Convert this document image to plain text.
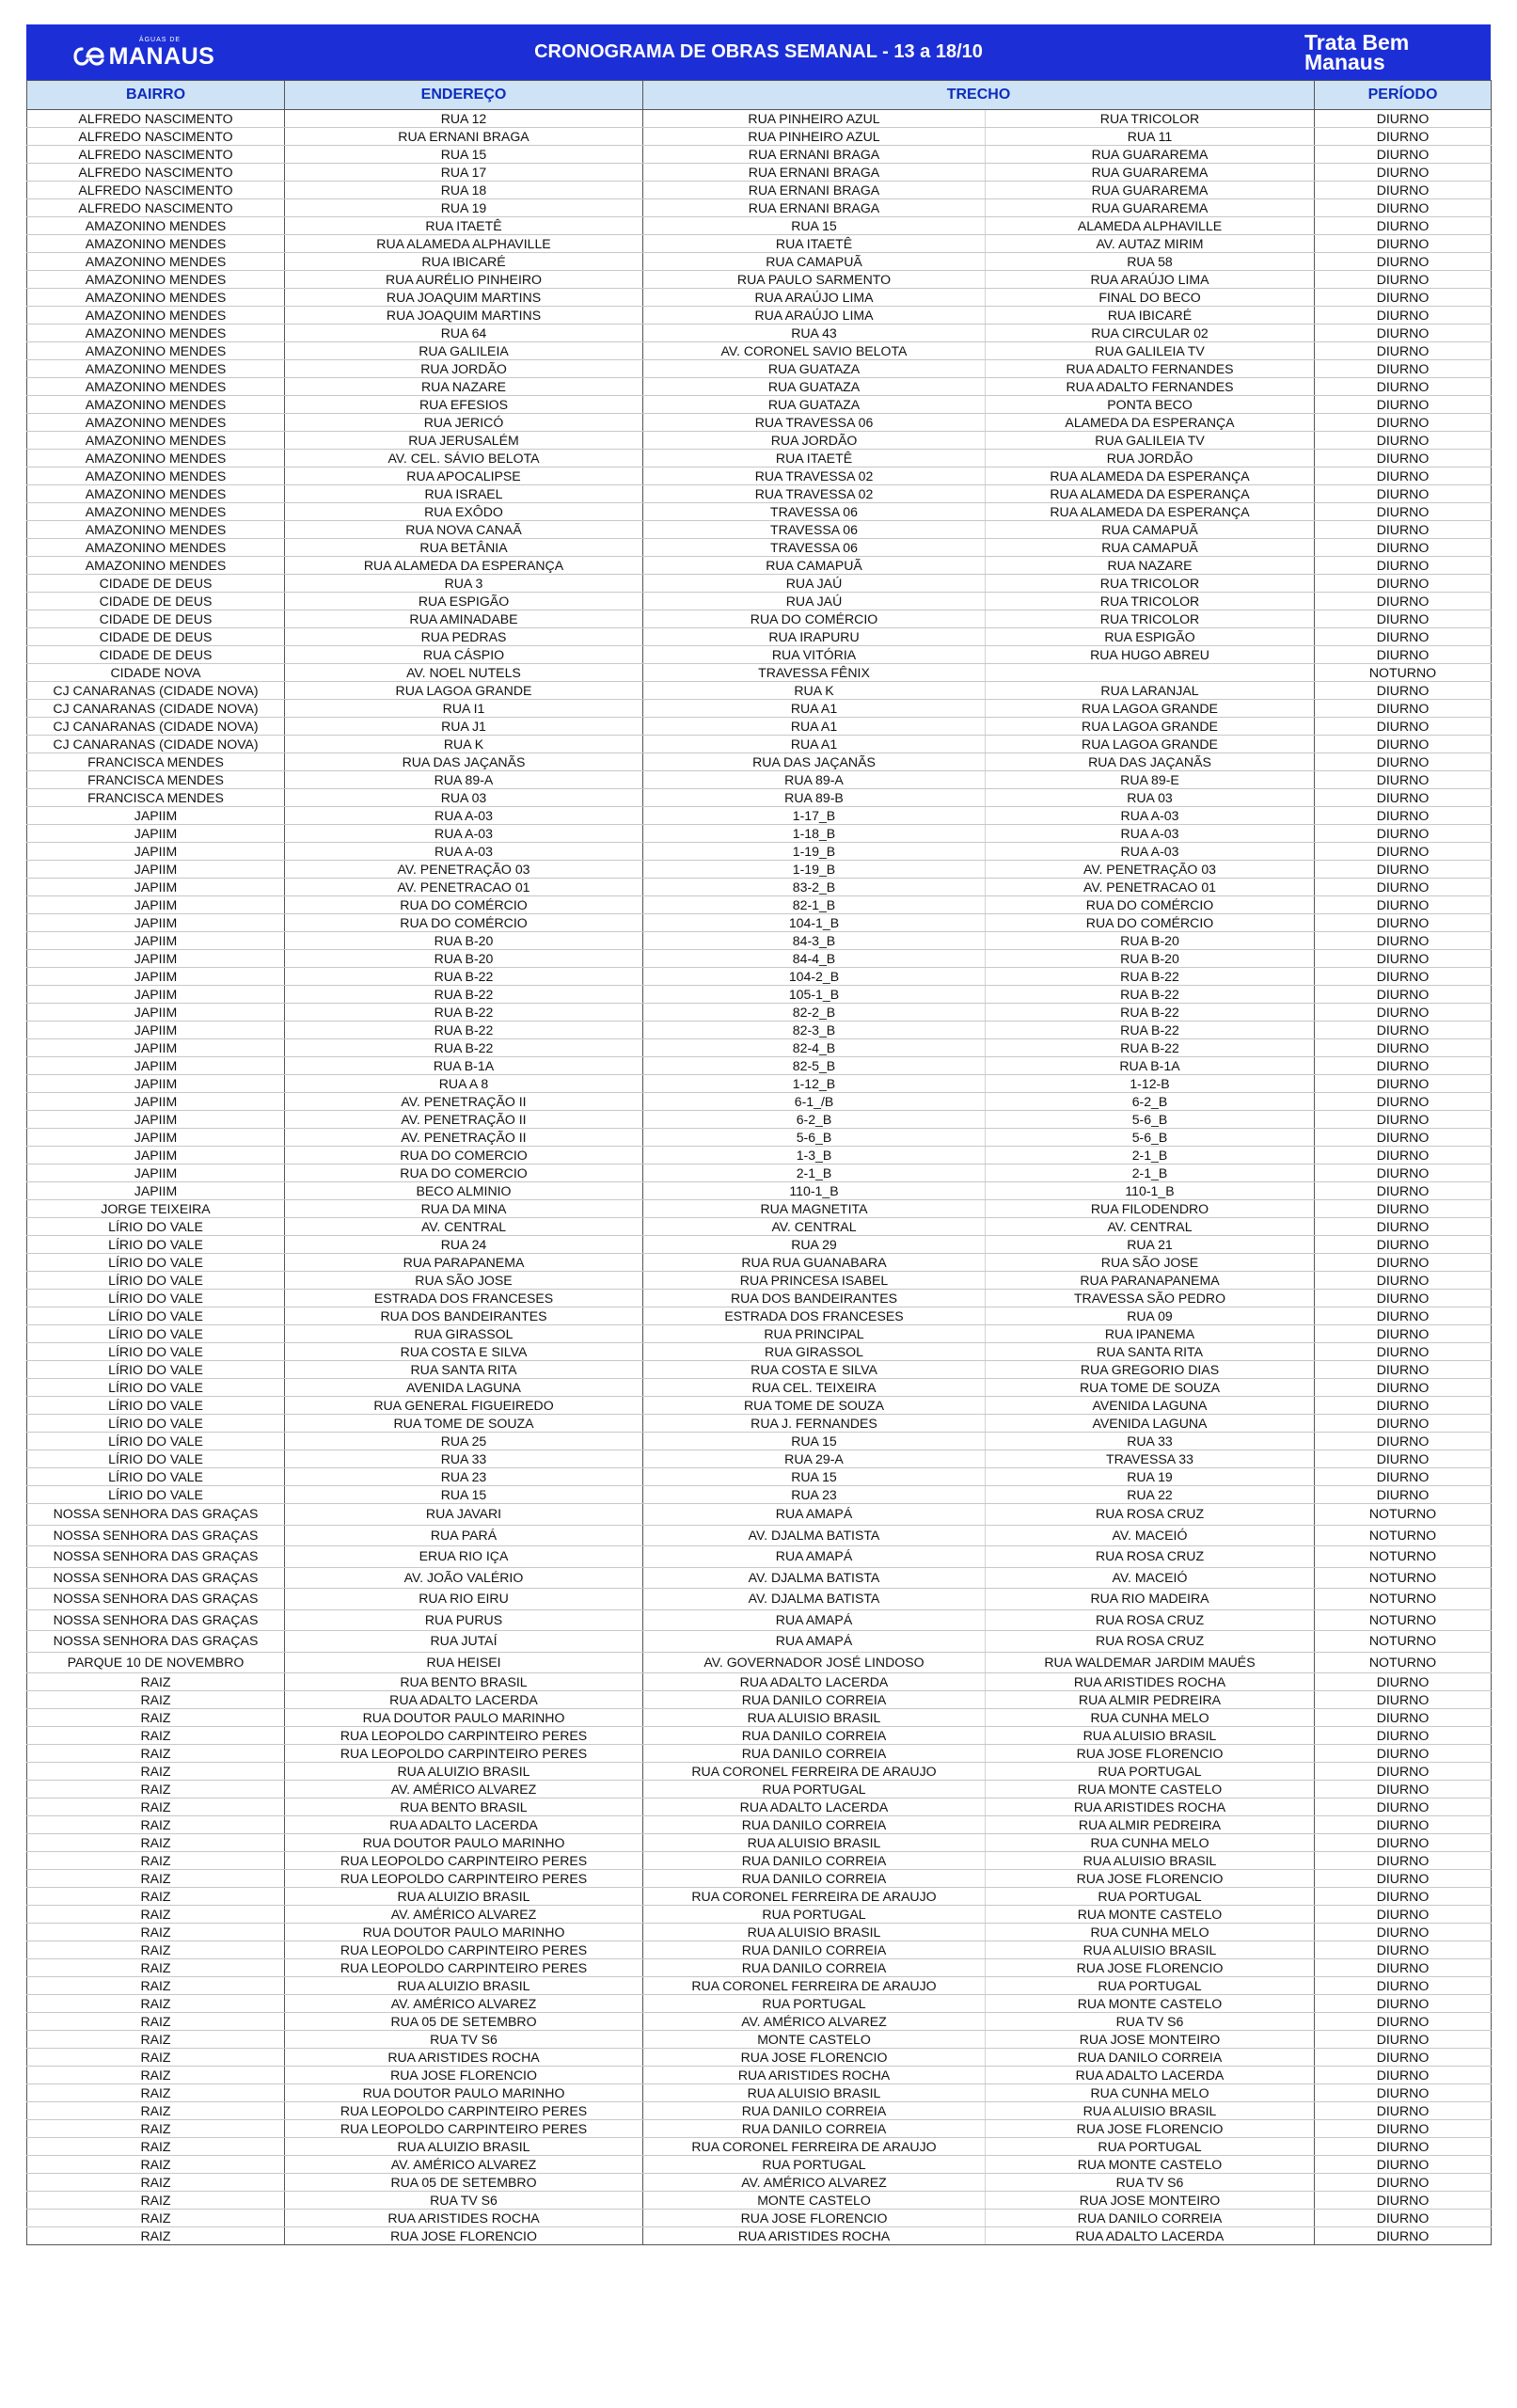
ÁGUAS DE
MANAUS	CRONOGRAMA DE OBRAS SEMANAL - 13 a 18/10	Trata Bem
Manaus
BAIRRO	ENDEREÇO	TRECHO		PERÍODO
ALFREDO NASCIMENTO	RUA 12	RUA PINHEIRO AZUL	RUA TRICOLOR	DIURNO
ALFREDO NASCIMENTO	RUA ERNANI BRAGA	RUA PINHEIRO AZUL	RUA 11	DIURNO
ALFREDO NASCIMENTO	RUA 15	RUA ERNANI BRAGA	RUA GUARAREMA	DIURNO
ALFREDO NASCIMENTO	RUA 17	RUA ERNANI BRAGA	RUA GUARAREMA	DIURNO
ALFREDO NASCIMENTO	RUA 18	RUA ERNANI BRAGA	RUA GUARAREMA	DIURNO
ALFREDO NASCIMENTO	RUA 19	RUA ERNANI BRAGA	RUA GUARAREMA	DIURNO
AMAZONINO MENDES	RUA ITAETÊ	RUA 15	ALAMEDA ALPHAVILLE	DIURNO
AMAZONINO MENDES	RUA ALAMEDA ALPHAVILLE	RUA ITAETÊ	AV. AUTAZ MIRIM	DIURNO
AMAZONINO MENDES	RUA IBICARÉ	RUA CAMAPUÃ	RUA 58	DIURNO
AMAZONINO MENDES	RUA AURÉLIO PINHEIRO	RUA PAULO SARMENTO	RUA ARAÚJO LIMA	DIURNO
AMAZONINO MENDES	RUA JOAQUIM MARTINS	RUA ARAÚJO LIMA	FINAL DO BECO	DIURNO
AMAZONINO MENDES	RUA JOAQUIM MARTINS	RUA ARAÚJO LIMA	RUA IBICARÉ	DIURNO
AMAZONINO MENDES	RUA 64	RUA 43	RUA CIRCULAR 02	DIURNO
AMAZONINO MENDES	RUA GALILEIA	AV. CORONEL SAVIO BELOTA	RUA GALILEIA TV	DIURNO
AMAZONINO MENDES	RUA JORDÃO	RUA GUATAZA	RUA ADALTO FERNANDES	DIURNO
AMAZONINO MENDES	RUA NAZARE	RUA GUATAZA	RUA ADALTO FERNANDES	DIURNO
AMAZONINO MENDES	RUA EFESIOS	RUA GUATAZA	PONTA BECO	DIURNO
AMAZONINO MENDES	RUA JERICÓ	RUA TRAVESSA 06	ALAMEDA DA ESPERANÇA	DIURNO
AMAZONINO MENDES	RUA JERUSALÉM	RUA JORDÃO	RUA GALILEIA TV	DIURNO
AMAZONINO MENDES	AV. CEL. SÁVIO BELOTA	RUA ITAETÊ	RUA JORDÃO	DIURNO
AMAZONINO MENDES	RUA APOCALIPSE	RUA TRAVESSA 02	RUA ALAMEDA DA ESPERANÇA	DIURNO
AMAZONINO MENDES	RUA ISRAEL	RUA TRAVESSA 02	RUA ALAMEDA DA ESPERANÇA	DIURNO
AMAZONINO MENDES	RUA EXÔDO	TRAVESSA 06	RUA ALAMEDA DA ESPERANÇA	DIURNO
AMAZONINO MENDES	RUA NOVA CANAÃ	TRAVESSA 06	RUA CAMAPUÃ	DIURNO
AMAZONINO MENDES	RUA BETÂNIA	TRAVESSA 06	RUA CAMAPUÃ	DIURNO
AMAZONINO MENDES	RUA ALAMEDA DA ESPERANÇA	RUA CAMAPUÃ	RUA NAZARE	DIURNO
CIDADE DE DEUS	RUA 3	RUA JAÚ	RUA TRICOLOR	DIURNO
CIDADE DE DEUS	RUA ESPIGÃO	RUA JAÚ	RUA TRICOLOR	DIURNO
CIDADE DE DEUS	RUA AMINADABE	RUA DO COMÉRCIO	RUA TRICOLOR	DIURNO
CIDADE DE DEUS	RUA PEDRAS	RUA IRAPURU	RUA ESPIGÃO	DIURNO
CIDADE DE DEUS	RUA CÁSPIO	RUA VITÓRIA	RUA HUGO ABREU	DIURNO
CIDADE NOVA	AV. NOEL NUTELS	TRAVESSA FÊNIX		NOTURNO
CJ CANARANAS (CIDADE NOVA)	RUA LAGOA GRANDE	RUA K	RUA LARANJAL	DIURNO
CJ CANARANAS (CIDADE NOVA)	RUA I1	RUA A1	RUA LAGOA GRANDE	DIURNO
CJ CANARANAS (CIDADE NOVA)	RUA J1	RUA A1	RUA LAGOA GRANDE	DIURNO
CJ CANARANAS (CIDADE NOVA)	RUA K	RUA A1	RUA LAGOA GRANDE	DIURNO
FRANCISCA MENDES	RUA DAS JAÇANÃS	RUA DAS JAÇANÃS	RUA DAS JAÇANÃS	DIURNO
FRANCISCA MENDES	RUA 89-A	RUA 89-A	RUA 89-E	DIURNO
FRANCISCA MENDES	RUA 03	RUA 89-B	RUA 03	DIURNO
JAPIIM	RUA A-03	1-17_B	RUA A-03	DIURNO
JAPIIM	RUA A-03	1-18_B	RUA A-03	DIURNO
JAPIIM	RUA A-03	1-19_B	RUA A-03	DIURNO
JAPIIM	AV. PENETRAÇÃO 03	1-19_B	AV. PENETRAÇÃO 03	DIURNO
JAPIIM	AV. PENETRACAO 01	83-2_B	AV. PENETRACAO 01	DIURNO
JAPIIM	RUA DO COMÉRCIO	82-1_B	RUA DO COMÉRCIO	DIURNO
JAPIIM	RUA DO COMÉRCIO	104-1_B	RUA DO COMÉRCIO	DIURNO
JAPIIM	RUA B-20	84-3_B	RUA B-20	DIURNO
JAPIIM	RUA B-20	84-4_B	RUA B-20	DIURNO
JAPIIM	RUA B-22	104-2_B	RUA B-22	DIURNO
JAPIIM	RUA B-22	105-1_B	RUA B-22	DIURNO
JAPIIM	RUA B-22	82-2_B	RUA B-22	DIURNO
JAPIIM	RUA B-22	82-3_B	RUA B-22	DIURNO
JAPIIM	RUA B-22	82-4_B	RUA B-22	DIURNO
JAPIIM	RUA B-1A	82-5_B	RUA B-1A	DIURNO
JAPIIM	RUA A 8	1-12_B	1-12-B	DIURNO
JAPIIM	AV. PENETRAÇÃO II	6-1_/B	6-2_B	DIURNO
JAPIIM	AV. PENETRAÇÃO II	6-2_B	5-6_B	DIURNO
JAPIIM	AV. PENETRAÇÃO II	5-6_B	5-6_B	DIURNO
JAPIIM	RUA DO COMERCIO	1-3_B	2-1_B	DIURNO
JAPIIM	RUA DO COMERCIO	2-1_B	2-1_B	DIURNO
JAPIIM	BECO ALMINIO	110-1_B	110-1_B	DIURNO
JORGE TEIXEIRA	RUA DA MINA	RUA MAGNETITA	RUA FILODENDRO	DIURNO
LÍRIO DO VALE	AV. CENTRAL	AV. CENTRAL	AV. CENTRAL	DIURNO
LÍRIO DO VALE	RUA 24	RUA 29	RUA 21	DIURNO
LÍRIO DO VALE	RUA PARAPANEMA	RUA RUA GUANABARA	RUA SÃO JOSE	DIURNO
LÍRIO DO VALE	RUA SÃO JOSE	RUA PRINCESA ISABEL	RUA PARANAPANEMA	DIURNO
LÍRIO DO VALE	ESTRADA DOS FRANCESES	RUA DOS BANDEIRANTES	TRAVESSA SÃO PEDRO	DIURNO
LÍRIO DO VALE	RUA DOS BANDEIRANTES	ESTRADA DOS FRANCESES	RUA 09	DIURNO
LÍRIO DO VALE	RUA GIRASSOL	RUA PRINCIPAL	RUA IPANEMA	DIURNO
LÍRIO DO VALE	RUA COSTA E SILVA	RUA GIRASSOL	RUA SANTA RITA	DIURNO
LÍRIO DO VALE	RUA SANTA RITA	RUA COSTA E SILVA	RUA GREGORIO DIAS	DIURNO
LÍRIO DO VALE	AVENIDA LAGUNA	RUA CEL. TEIXEIRA	RUA TOME DE SOUZA	DIURNO
LÍRIO DO VALE	RUA GENERAL FIGUEIREDO	RUA TOME DE SOUZA	AVENIDA LAGUNA	DIURNO
LÍRIO DO VALE	RUA TOME DE SOUZA	RUA J. FERNANDES	AVENIDA LAGUNA	DIURNO
LÍRIO DO VALE	RUA 25	RUA 15	RUA 33	DIURNO
LÍRIO DO VALE	RUA 33	RUA 29-A	TRAVESSA 33	DIURNO
LÍRIO DO VALE	RUA 23	RUA 15	RUA 19	DIURNO
LÍRIO DO VALE	RUA 15	RUA 23	RUA 22	DIURNO
NOSSA SENHORA DAS GRAÇAS	RUA JAVARI	RUA AMAPÁ	RUA ROSA CRUZ	NOTURNO
NOSSA SENHORA DAS GRAÇAS	RUA PARÁ	AV. DJALMA BATISTA	AV. MACEIÓ	NOTURNO
NOSSA SENHORA DAS GRAÇAS	ERUA RIO IÇA	RUA AMAPÁ	RUA ROSA CRUZ	NOTURNO
NOSSA SENHORA DAS GRAÇAS	AV. JOÃO VALÉRIO	AV. DJALMA BATISTA	AV. MACEIÓ	NOTURNO
NOSSA SENHORA DAS GRAÇAS	RUA RIO EIRU	AV. DJALMA BATISTA	RUA RIO MADEIRA	NOTURNO
NOSSA SENHORA DAS GRAÇAS	RUA PURUS	RUA AMAPÁ	RUA ROSA CRUZ	NOTURNO
NOSSA SENHORA DAS GRAÇAS	RUA JUTAÍ	RUA AMAPÁ	RUA ROSA CRUZ	NOTURNO
PARQUE 10 DE NOVEMBRO	RUA HEISEI	AV. GOVERNADOR JOSÉ LINDOSO	RUA WALDEMAR JARDIM MAUÉS	NOTURNO
RAIZ	RUA BENTO BRASIL	RUA ADALTO LACERDA	RUA ARISTIDES ROCHA	DIURNO
RAIZ	RUA ADALTO LACERDA	RUA DANILO CORREIA	RUA ALMIR PEDREIRA	DIURNO
RAIZ	RUA DOUTOR PAULO MARINHO	RUA ALUISIO BRASIL	RUA CUNHA MELO	DIURNO
RAIZ	RUA LEOPOLDO CARPINTEIRO PERES	RUA DANILO CORREIA	RUA ALUISIO BRASIL	DIURNO
RAIZ	RUA LEOPOLDO CARPINTEIRO PERES	RUA DANILO CORREIA	RUA JOSE FLORENCIO	DIURNO
RAIZ	RUA ALUIZIO BRASIL	RUA CORONEL FERREIRA DE ARAUJO	RUA PORTUGAL	DIURNO
RAIZ	AV. AMÉRICO ALVAREZ	RUA PORTUGAL	RUA MONTE CASTELO	DIURNO
RAIZ	RUA BENTO BRASIL	RUA ADALTO LACERDA	RUA ARISTIDES ROCHA	DIURNO
RAIZ	RUA ADALTO LACERDA	RUA DANILO CORREIA	RUA ALMIR PEDREIRA	DIURNO
RAIZ	RUA DOUTOR PAULO MARINHO	RUA ALUISIO BRASIL	RUA CUNHA MELO	DIURNO
RAIZ	RUA LEOPOLDO CARPINTEIRO PERES	RUA DANILO CORREIA	RUA ALUISIO BRASIL	DIURNO
RAIZ	RUA LEOPOLDO CARPINTEIRO PERES	RUA DANILO CORREIA	RUA JOSE FLORENCIO	DIURNO
RAIZ	RUA ALUIZIO BRASIL	RUA CORONEL FERREIRA DE ARAUJO	RUA PORTUGAL	DIURNO
RAIZ	AV. AMÉRICO ALVAREZ	RUA PORTUGAL	RUA MONTE CASTELO	DIURNO
RAIZ	RUA DOUTOR PAULO MARINHO	RUA ALUISIO BRASIL	RUA CUNHA MELO	DIURNO
RAIZ	RUA LEOPOLDO CARPINTEIRO PERES	RUA DANILO CORREIA	RUA ALUISIO BRASIL	DIURNO
RAIZ	RUA LEOPOLDO CARPINTEIRO PERES	RUA DANILO CORREIA	RUA JOSE FLORENCIO	DIURNO
RAIZ	RUA ALUIZIO BRASIL	RUA CORONEL FERREIRA DE ARAUJO	RUA PORTUGAL	DIURNO
RAIZ	AV. AMÉRICO ALVAREZ	RUA PORTUGAL	RUA MONTE CASTELO	DIURNO
RAIZ	RUA 05 DE SETEMBRO	AV. AMÉRICO ALVAREZ	RUA TV S6	DIURNO
RAIZ	RUA TV S6	MONTE CASTELO	RUA JOSE MONTEIRO	DIURNO
RAIZ	RUA ARISTIDES ROCHA	RUA JOSE FLORENCIO	RUA DANILO CORREIA	DIURNO
RAIZ	RUA JOSE FLORENCIO	RUA ARISTIDES ROCHA	RUA ADALTO LACERDA	DIURNO
RAIZ	RUA DOUTOR PAULO MARINHO	RUA ALUISIO BRASIL	RUA CUNHA MELO	DIURNO
RAIZ	RUA LEOPOLDO CARPINTEIRO PERES	RUA DANILO CORREIA	RUA ALUISIO BRASIL	DIURNO
RAIZ	RUA LEOPOLDO CARPINTEIRO PERES	RUA DANILO CORREIA	RUA JOSE FLORENCIO	DIURNO
RAIZ	RUA ALUIZIO BRASIL	RUA CORONEL FERREIRA DE ARAUJO	RUA PORTUGAL	DIURNO
RAIZ	AV. AMÉRICO ALVAREZ	RUA PORTUGAL	RUA MONTE CASTELO	DIURNO
RAIZ	RUA 05 DE SETEMBRO	AV. AMÉRICO ALVAREZ	RUA TV S6	DIURNO
RAIZ	RUA TV S6	MONTE CASTELO	RUA JOSE MONTEIRO	DIURNO
RAIZ	RUA ARISTIDES ROCHA	RUA JOSE FLORENCIO	RUA DANILO CORREIA	DIURNO
RAIZ	RUA JOSE FLORENCIO	RUA ARISTIDES ROCHA	RUA ADALTO LACERDA	DIURNO
